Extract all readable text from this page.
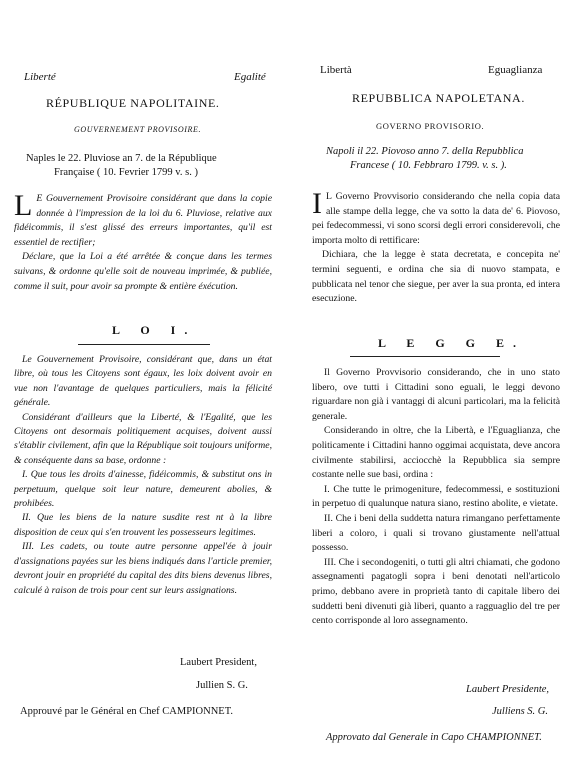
Liberté	Egalité
RÉPUBLIQUE NAPOLITAINE.
GOUVERNEMENT PROVISOIRE.
Naples le 22. Pluviose an 7. de la République
Française ( 10. Fevrier 1799 v. s. )
L E Gouvernement Provisoire considérant que dans la copie donnée à l'impression de la loi du 6. Pluviose, relative aux fidéicommis, il s'est glissé des erreurs importantes, qu'il est essentiel de rectifier;

Déclare, que la Loi a été arrêtée & conçue dans les termes suivans, & ordonne qu'elle soit de nouveau imprimée, & publiée, comme il suit, pour avoir sa prompte & entière éxécution.

L O I.

Le Gouvernement Provisoire, considérant que, dans un état libre, où tous les Citoyens sont égaux, les loix doivent avoir en vue non l'avantage de quelques particuliers, mais la félicité générale.

Considérant d'ailleurs que la Liberté, & l'Egalité, que les Citoyens ont desormais politiquement acquises, doivent aussi s'établir civilement, afin que la République soit toujours uniforme, & conséquente dans sa base, ordonne :

I. Que tous les droits d'ainesse, fidéicommis, & substitut ons in perpetuum, quelque soit leur nature, demeurent abolies, & prohibées.

II. Que les biens de la nature susdite rest nt à la libre disposition de ceux qui s'en trouvent les possesseurs legitimes.

III. Les cadets, ou toute autre personne appel'ée à jouir d'assignations payées sur les biens indiqués dans l'article premier, devront jouir en propriété du capital des dits biens devenus libres, calculé à raison de trois pour cent sur leurs assignations.

Laubert President,
Jullien S. G.
Approuvé par le Général en Chef CAMPIONNET.
Libertà	Eguaglianza
REPUBBLICA NAPOLETANA.
GOVERNO PROVISORIO.
Napoli il 22. Piovoso anno 7. della Repubblica
Francese ( 10. Febbraro 1799. v. s. ).
I L Governo Provvisorio considerando che nella copia data alle stampe della legge, che va sotto la data de' 6. Piovoso, pei fedecommessi, vi sono scorsi degli errori considerevoli, che importa molto di rettificare:

Dichiara, che la legge è stata decretata, e concepita ne' termini seguenti, e ordina che sia di nuovo stampata, e pubblicata nel tenor che siegue, per aver la sua pronta, ed intera esecuzione.

L E G G E.

Il Governo Provvisorio considerando, che in uno stato libero, ove tutti i Cittadini sono eguali, le leggi devono riguardare non già i vantaggi di alcuni particolari, ma la felicità generale.

Considerando in oltre, che la Libertà, e l'Eguaglianza, che politicamente i Cittadini hanno oggimai acquistata, deve ancora civilmente stabilirsi, acciocchè la Repubblica sia sempre costante nelle sue basi, ordina :

I. Che tutte le primogeniture, fedecommessi, e sostituzioni in perpetuo di qualunque natura siano, restino abolite, e vietate.

II. Che i beni della suddetta natura rimangano perfettamente liberi a coloro, i quali si trovano giustamente nell'attual possesso.

III. Che i secondogeniti, o tutti gli altri chiamati, che godono assegnamenti pagatogli sopra i beni denotati nell'articolo primo, debbano avere in proprietà tanto di capitale libero dei suddetti beni divenuti già liberi, quanto a ragguaglio del tre per cento corrisponde al loro assegnamento.

Laubert Presidente,
Julliens S. G.
Approvato dal Generale in Capo CHAMPIONNET.
